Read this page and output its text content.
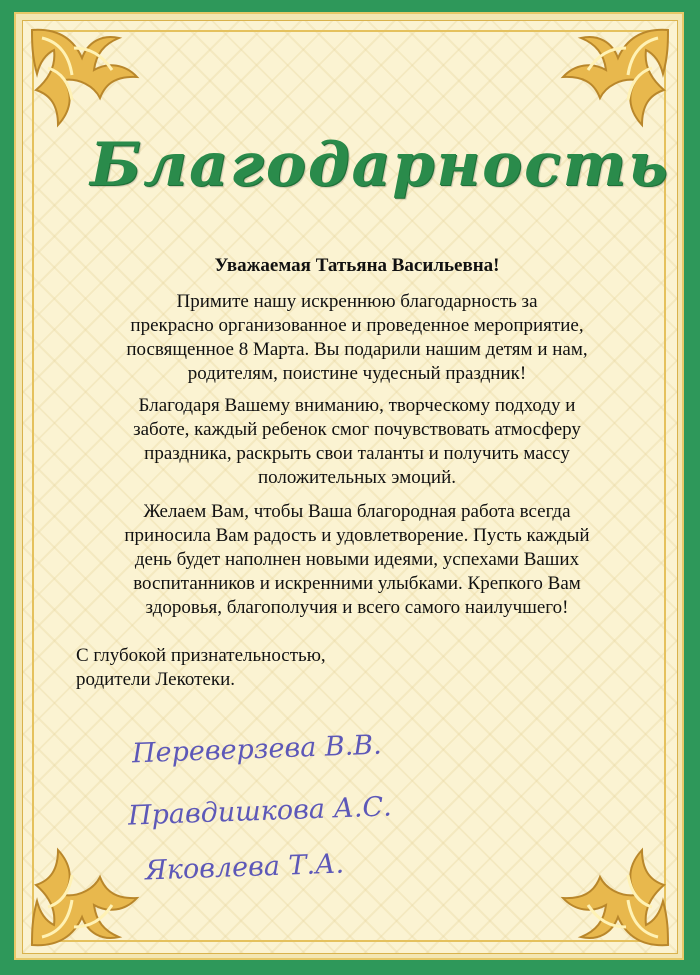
Благодарность
Уважаемая Татьяна Васильевна!
Примите нашу искреннюю благодарность за
прекрасно организованное и проведенное мероприятие,
посвященное 8 Марта. Вы подарили нашим детям и нам,
родителям, поистине чудесный праздник!
Благодаря Вашему вниманию, творческому подходу и
заботе, каждый ребенок смог почувствовать атмосферу
праздника, раскрыть свои таланты и получить массу
положительных эмоций.
Желаем Вам, чтобы Ваша благородная работа всегда
приносила Вам радость и удовлетворение. Пусть каждый
день будет наполнен новыми идеями, успехами Ваших
воспитанников и искренними улыбками. Крепкого Вам
здоровья, благополучия и всего самого наилучшего!
С глубокой признательностью,
родители Лекотеки.
Переверзева В.В.
Правдишкова А.С.
Яковлева Т.А.
